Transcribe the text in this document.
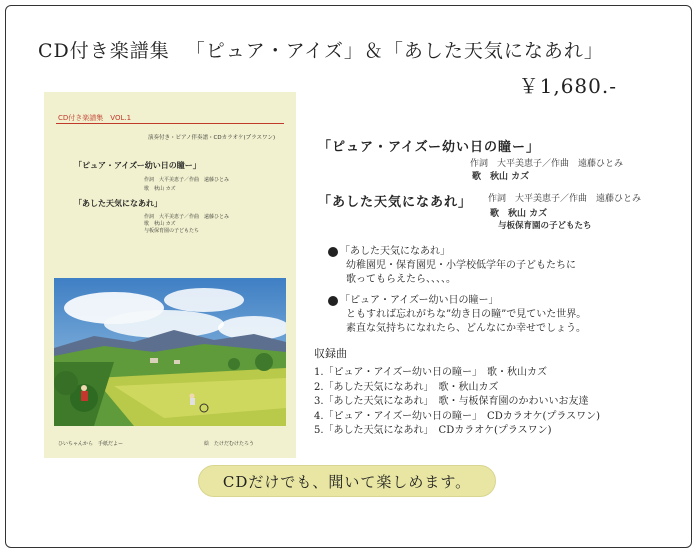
CD付き楽譜集 「ピュア・アイズ」＆「あした天気になあれ」
￥1,680.-
CD付き楽譜集　VOL.1
演奏付き・ピアノ伴奏譜・CDカラオケ(プラスワン)
「ピュア・アイズー幼い日の瞳ー」
作詞　大平美恵子／作曲　遠藤ひとみ
歌　秋山 カズ
「あした天気になあれ」
作詞　大平美恵子／作曲　遠藤ひとみ
歌　秋山 カズ
与板保育園の子どもたち
ひいちゃんから　手紙だよー	絵　たけだむけたろう
「ピュア・アイズー幼い日の瞳ー」
作詞　大平美恵子／作曲　遠藤ひとみ
歌　秋山 カズ
「あした天気になあれ」 作詞　大平美恵子／作曲　遠藤ひとみ
歌　秋山 カズ
与板保育園の子どもたち
「あした天気になあれ」
幼稚園児・保育園児・小学校低学年の子どもたちに
歌ってもらえたら、、、、。
「ピュア・アイズー幼い日の瞳ー」
ともすれば忘れがちな”幼き日の瞳”で見ていた世界。
素直な気持ちになれたら、どんなにか幸せでしょう。
収録曲
1.「ピュア・アイズー幼い日の瞳ー」　歌・秋山カズ
2.「あした天気になあれ」　歌・秋山カズ
3.「あした天気になあれ」　歌・与板保育園のかわいいお友達
4.「ピュア・アイズー幼い日の瞳ー」　CDカラオケ(プラスワン)
5.「あした天気になあれ」　CDカラオケ(プラスワン)
CDだけでも、聞いて楽しめます。
